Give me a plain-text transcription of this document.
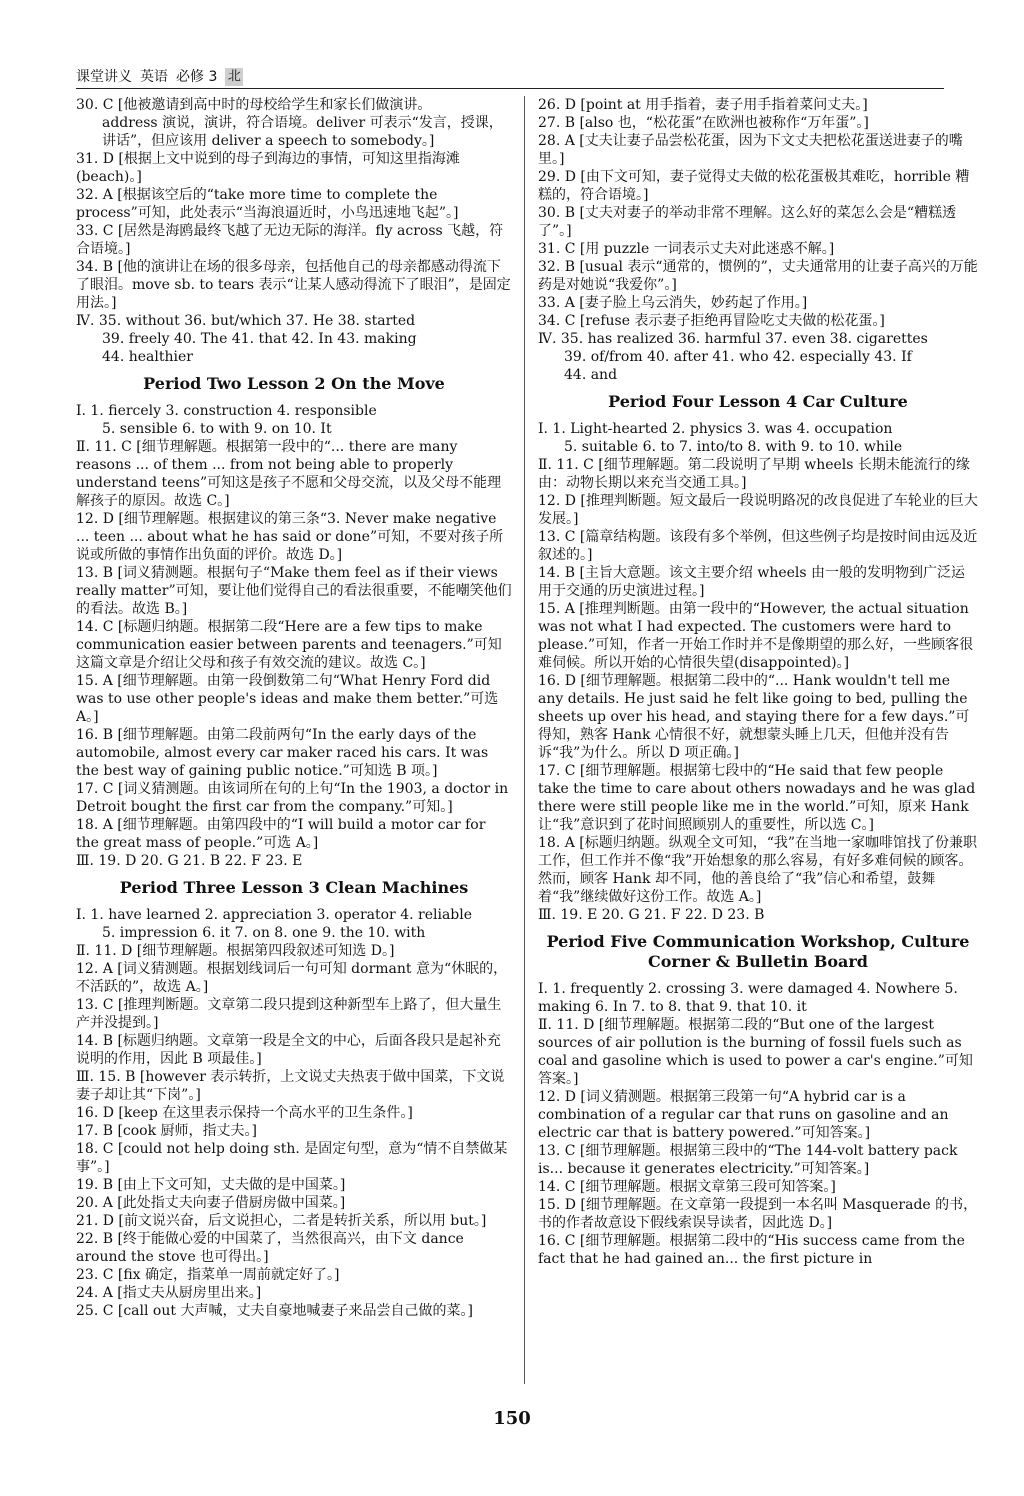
课堂讲义 英语 必修 3 北
30. C [他被邀请到高中时的母校给学生和家长们做演讲。
address 演说，演讲，符合语境。deliver 可表示“发言，授课，讲话”，但应该用 deliver a speech to somebody。]
31. D [根据上文中说到的母子到海边的事情，可知这里指海滩(beach)。]
32. A [根据该空后的“take more time to complete the process”可知，此处表示“当海浪逼近时，小鸟迅速地飞起”。]
33. C [居然是海鸥最终飞越了无边无际的海洋。fly across 飞越，符合语境。]
34. B [他的演讲让在场的很多母亲，包括他自己的母亲都感动得流下了眼泪。move sb. to tears 表示“让某人感动得流下了眼泪”，是固定用法。]
Ⅳ. 35. without 36. but/which 37. He 38. started
39. freely 40. The 41. that 42. In 43. making
44. healthier
Period Two Lesson 2 On the Move
Ⅰ. 1. fiercely 3. construction 4. responsible
5. sensible 6. to with 9. on 10. It
Ⅱ. 11. C [细节理解题。根据第一段中的“... there are many reasons ... of them ... from not being able to properly understand teens”可知这是孩子不愿和父母交流，以及父母不能理解孩子的原因。故选 C。]
12. D [细节理解题。根据建议的第三条“3. Never make negative ... teen ... about what he has said or done”可知，不要对孩子所说或所做的事情作出负面的评价。故选 D。]
13. B [词义猜测题。根据句子“Make them feel as if their views really matter”可知，要让他们觉得自己的看法很重要，不能嘲笑他们的看法。故选 B。]
14. C [标题归纳题。根据第二段“Here are a few tips to make communication easier between parents and teenagers.”可知这篇文章是介绍让父母和孩子有效交流的建议。故选 C。]
15. A [细节理解题。由第一段倒数第二句“What Henry Ford did was to use other people's ideas and make them better.”可选 A。]
16. B [细节理解题。由第二段前两句“In the early days of the automobile, almost every car maker raced his cars. It was the best way of gaining public notice.”可知选 B 项。]
17. C [词义猜测题。由该词所在句的上句“In the 1903, a doctor in Detroit bought the first car from the company.”可知。]
18. A [细节理解题。由第四段中的“I will build a motor car for the great mass of people.”可选 A。]
Ⅲ. 19. D 20. G 21. B 22. F 23. E
Period Three Lesson 3 Clean Machines
Ⅰ. 1. have learned 2. appreciation 3. operator 4. reliable
5. impression 6. it 7. on 8. one 9. the 10. with
Ⅱ. 11. D [细节理解题。根据第四段叙述可知选 D。]
12. A [词义猜测题。根据划线词后一句可知 dormant 意为“休眠的，不活跃的”，故选 A。]
13. C [推理判断题。文章第二段只提到这种新型车上路了，但大量生产并没提到。]
14. B [标题归纳题。文章第一段是全文的中心，后面各段只是起补充说明的作用，因此 B 项最佳。]
Ⅲ. 15. B [however 表示转折，上文说丈夫热衷于做中国菜，下文说妻子却让其“下岗”。]
16. D [keep 在这里表示保持一个高水平的卫生条件。]
17. B [cook 厨师，指丈夫。]
18. C [could not help doing sth. 是固定句型，意为“情不自禁做某事”。]
19. B [由上下文可知，丈夫做的是中国菜。]
20. A [此处指丈夫向妻子借厨房做中国菜。]
21. D [前文说兴奋，后文说担心，二者是转折关系，所以用 but。]
22. B [终于能做心爱的中国菜了，当然很高兴，由下文 dance around the stove 也可得出。]
23. C [fix 确定，指菜单一周前就定好了。]
24. A [指丈夫从厨房里出来。]
25. C [call out 大声喊，丈夫自豪地喊妻子来品尝自己做的菜。]
26. D [point at 用手指着，妻子用手指着菜问丈夫。]
27. B [also 也，“松花蛋”在欧洲也被称作“万年蛋”。]
28. A [丈夫让妻子品尝松花蛋，因为下文丈夫把松花蛋送进妻子的嘴里。]
29. D [由下文可知，妻子觉得丈夫做的松花蛋极其难吃，horrible 糟糕的，符合语境。]
30. B [丈夫对妻子的举动非常不理解。这么好的菜怎么会是“糟糕透了”。]
31. C [用 puzzle 一词表示丈夫对此迷惑不解。]
32. B [usual 表示“通常的，惯例的”，丈夫通常用的让妻子高兴的万能药是对她说“我爱你”。]
33. A [妻子脸上乌云消失，妙药起了作用。]
34. C [refuse 表示妻子拒绝再冒险吃丈夫做的松花蛋。]
Ⅳ. 35. has realized 36. harmful 37. even 38. cigarettes
39. of/from 40. after 41. who 42. especially 43. If
44. and
Period Four Lesson 4 Car Culture
Ⅰ. 1. Light-hearted 2. physics 3. was 4. occupation
5. suitable 6. to 7. into/to 8. with 9. to 10. while
Ⅱ. 11. C [细节理解题。第二段说明了早期 wheels 长期未能流行的缘由：动物长期以来充当交通工具。]
12. D [推理判断题。短文最后一段说明路况的改良促进了车轮业的巨大发展。]
13. C [篇章结构题。该段有多个举例，但这些例子均是按时间由远及近叙述的。]
14. B [主旨大意题。该文主要介绍 wheels 由一般的发明物到广泛运用于交通的历史演进过程。]
15. A [推理判断题。由第一段中的“However, the actual situation was not what I had expected. The customers were hard to please.”可知，作者一开始工作时并不是像期望的那么好，一些顾客很难伺候。所以开始的心情很失望(disappointed)。]
16. D [细节理解题。根据第二段中的“... Hank wouldn't tell me any details. He just said he felt like going to bed, pulling the sheets up over his head, and staying there for a few days.”可得知，熟客 Hank 心情很不好，就想蒙头睡上几天，但他并没有告诉“我”为什么。所以 D 项正确。]
17. C [细节理解题。根据第七段中的“He said that few people take the time to care about others nowadays and he was glad there were still people like me in the world.”可知，原来 Hank 让“我”意识到了花时间照顾别人的重要性，所以选 C。]
18. A [标题归纳题。纵观全文可知，“我”在当地一家咖啡馆找了份兼职工作，但工作并不像“我”开始想象的那么容易，有好多难伺候的顾客。然而，顾客 Hank 却不同，他的善良给了“我”信心和希望，鼓舞着“我”继续做好这份工作。故选 A。]
Ⅲ. 19. E 20. G 21. F 22. D 23. B
Period Five Communication Workshop, Culture Corner & Bulletin Board
Ⅰ. 1. frequently 2. crossing 3. were damaged 4. Nowhere 5. making 6. In 7. to 8. that 9. that 10. it
Ⅱ. 11. D [细节理解题。根据第二段的“But one of the largest sources of air pollution is the burning of fossil fuels such as coal and gasoline which is used to power a car's engine.”可知答案。]
12. D [词义猜测题。根据第三段第一句“A hybrid car is a combination of a regular car that runs on gasoline and an electric car that is battery powered.”可知答案。]
13. C [细节理解题。根据第三段中的“The 144-volt battery pack is... because it generates electricity.”可知答案。]
14. C [细节理解题。根据文章第三段可知答案。]
15. D [细节理解题。在文章第一段提到一本名叫 Masquerade 的书，书的作者故意设下假线索误导读者，因此选 D。]
16. C [细节理解题。根据第二段中的“His success came from the fact that he had gained an... the first picture in
150
